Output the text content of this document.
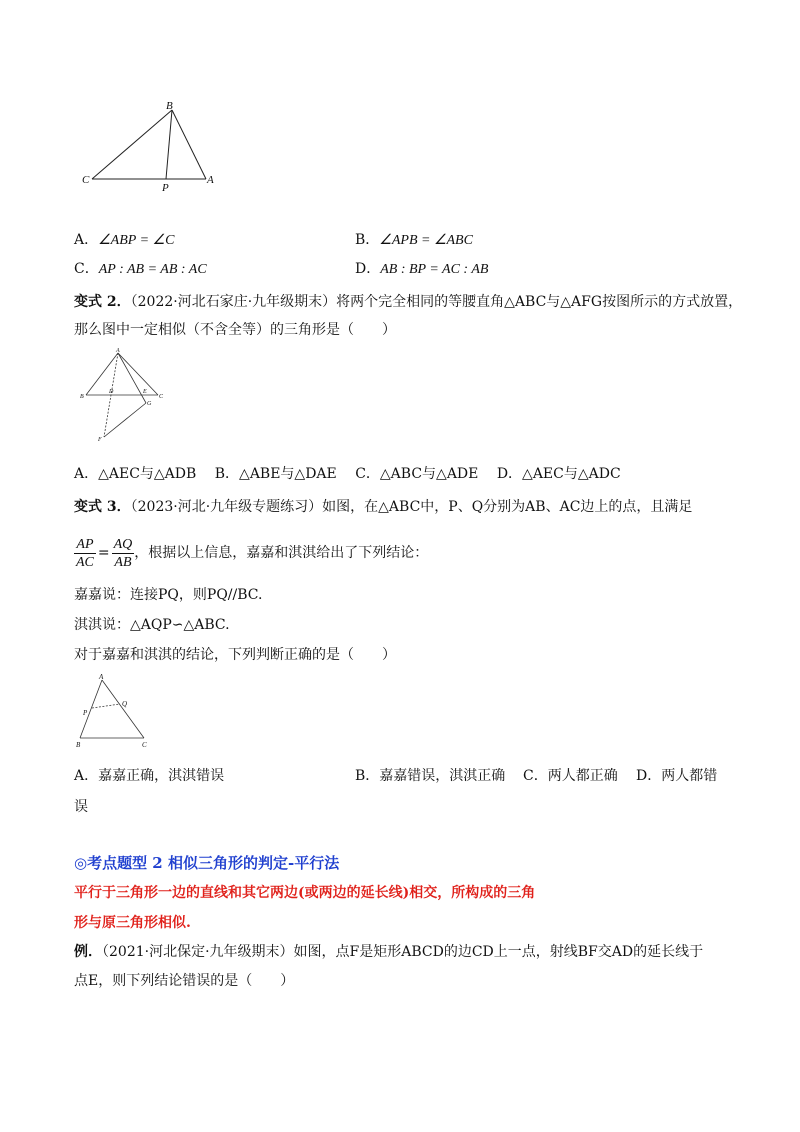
B
C
P
A
A．∠ABP = ∠C	B．∠APB = ∠ABC
C．AP : AB = AB : AC	D．AB : BP = AC : AB
变式 2．（2022·河北石家庄·九年级期末）将两个完全相同的等腰直角△ABC与△AFG按图所示的方式放置，
那么图中一定相似（不含全等）的三角形是（　　）
A
B
D	E
C
G
F
A．△AEC与△ADB　 B．△ABE与△DAE　 C．△ABC与△ADE　 D．△AEC与△ADC
变式 3．（2023·河北·九年级专题练习）如图，在△ABC中，P、Q分别为AB、AC边上的点，且满足
$\frac{AP}{AC} = \frac{AQ}{AB}$ ，根据以上信息，嘉嘉和淇淇给出了下列结论：
嘉嘉说：连接PQ，则PQ//BC.
淇淇说：△AQP∽△ABC.
对于嘉嘉和淇淇的结论，下列判断正确的是（　　）
A
P
Q
B	C
A．嘉嘉正确，淇淇错误	B．嘉嘉错误，淇淇正确 C．两人都正确 D．两人都错
误
◎考点题型 2 相似三角形的判定-平行法
平行于三角形一边的直线和其它两边(或两边的延长线)相交，所构成的三角
形与原三角形相似.
例．（2021·河北保定·九年级期末）如图，点F是矩形ABCD的边CD上一点，射线BF交AD的延长线于
点E，则下列结论错误的是（　　）
